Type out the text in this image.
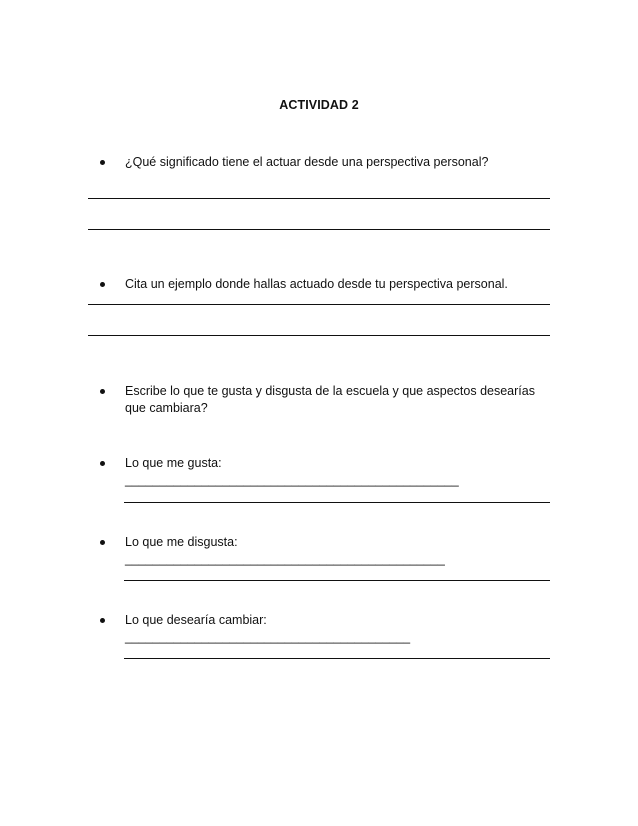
ACTIVIDAD 2
¿Qué significado tiene el actuar desde una perspectiva personal?
Cita un ejemplo donde hallas actuado desde tu perspectiva personal.
Escribe lo que te gusta y disgusta de la escuela y que aspectos desearías que cambiara?
Lo que me gusta: ________________________________________________
Lo que me disgusta: ______________________________________________
Lo que desearía cambiar: _________________________________________
